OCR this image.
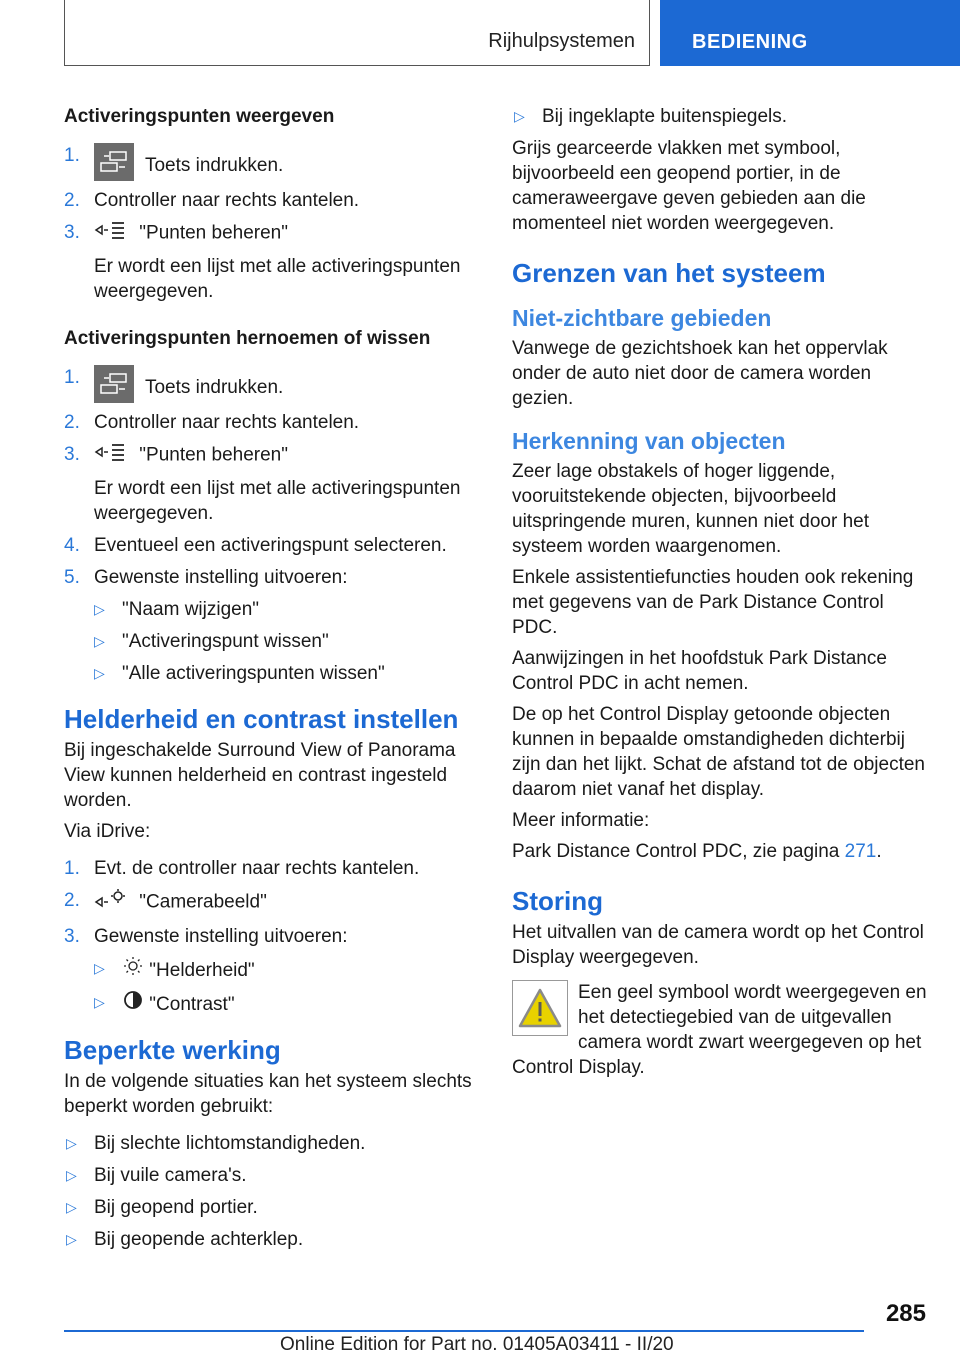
Rijhulpsystemen	BEDIENING
Activeringspunten weergeven
1.	Toets indrukken.
2. Controller naar rechts kantelen.
3.	"Punten beheren"
Er wordt een lijst met alle activeringspunten weergegeven.
Activeringspunten hernoemen of wissen
1.	Toets indrukken.
2. Controller naar rechts kantelen.
3.	"Punten beheren"
Er wordt een lijst met alle activeringspunten weergegeven.
4. Eventueel een activeringspunt selecteren.
5. Gewenste instelling uitvoeren:
▷ "Naam wijzigen"
▷ "Activeringspunt wissen"
▷ "Alle activeringspunten wissen"
Helderheid en contrast instellen

Bij ingeschakelde Surround View of Panorama View kunnen helderheid en contrast ingesteld worden.

Via iDrive:

1. Evt. de controller naar rechts kantelen.
2.	"Camerabeeld"
3. Gewenste instelling uitvoeren:
▷ "Helderheid"
▷ "Contrast"
Beperkte werking

In de volgende situaties kan het systeem slechts beperkt worden gebruikt:

▷ Bij slechte lichtomstandigheden.
▷ Bij vuile camera's.
▷ Bij geopend portier.
▷ Bij geopende achterklep.
▷ Bij ingeklapte buitenspiegels.

Grijs gearceerde vlakken met symbool, bijvoorbeeld een geopend portier, in de cameraweergave geven gebieden aan die momenteel niet worden weergegeven.

Grenzen van het systeem
Niet-zichtbare gebieden

Vanwege de gezichtshoek kan het oppervlak onder de auto niet door de camera worden gezien.

Herkenning van objecten

Zeer lage obstakels of hoger liggende, vooruitstekende objecten, bijvoorbeeld uitspringende muren, kunnen niet door het systeem worden waargenomen.

Enkele assistentiefuncties houden ook rekening met gegevens van de Park Distance Control PDC.

Aanwijzingen in het hoofdstuk Park Distance Control PDC in acht nemen.

De op het Control Display getoonde objecten kunnen in bepaalde omstandigheden dichterbij zijn dan het lijkt. Schat de afstand tot de objecten daarom niet vanaf het display.

Meer informatie:

Park Distance Control PDC, zie pagina 271.

Storing

Het uitvallen van de camera wordt op het Control Display weergegeven.

Een geel symbool wordt weergegeven en het detectiegebied van de uitgevallen camera wordt zwart weergegeven op het
Control Display.
285
Online Edition for Part no. 01405A03411 - II/20
